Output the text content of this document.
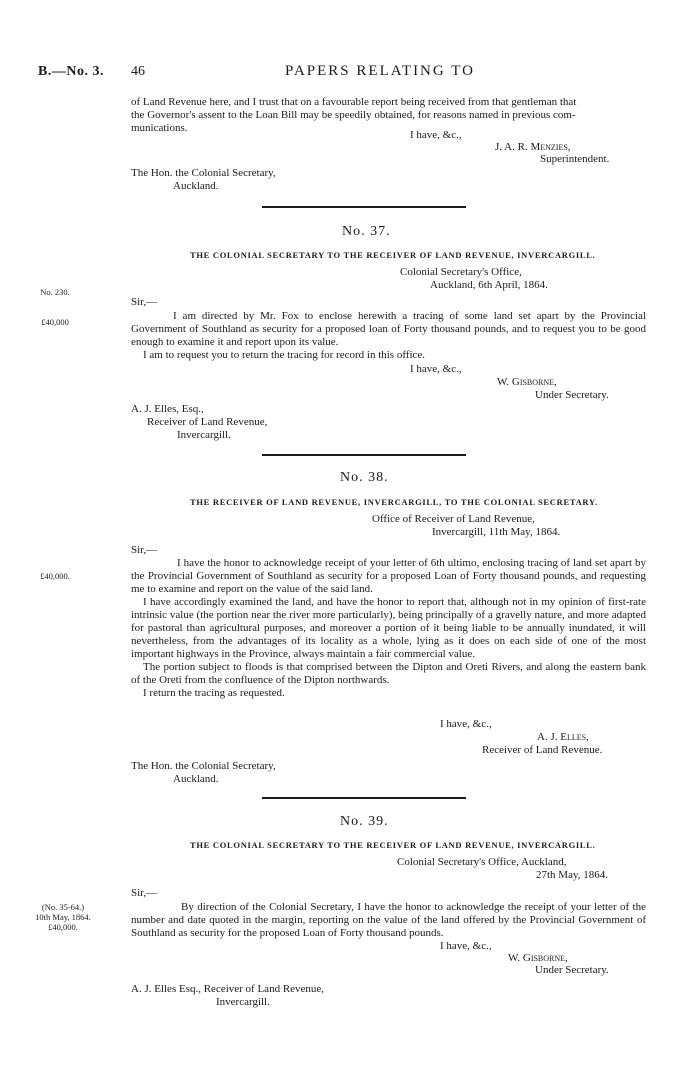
B.—No. 3. 46	PAPERS RELATING TO
of Land Revenue here, and I trust that on a favourable report being received from that gentleman that
the Governor's assent to the Loan Bill may be speedily obtained, for reasons named in previous com-
munications.
I have, &c.,
J. A. R. Menzies,
Superintendent.
The Hon. the Colonial Secretary,
Auckland.
No. 37.
THE COLONIAL SECRETARY TO THE RECEIVER OF LAND REVENUE, INVERCARGILL.
Colonial Secretary's Office,
Auckland, 6th April, 1864.
No. 230.
Sir,—
£40,000	I am directed by Mr. Fox to enclose herewith a tracing of some land set apart by the Provincial Government of Southland as security for a proposed loan of Forty thousand pounds, and to request you to be good enough to examine it and report upon its value.

I am to request you to return the tracing for record in this office.

I have, &c.,
W. Gisborne,
Under Secretary.
A. J. Elles, Esq.,
Receiver of Land Revenue,
Invercargill.
No. 38.
THE RECEIVER OF LAND REVENUE, INVERCARGILL, TO THE COLONIAL SECRETARY.
Office of Receiver of Land Revenue,
Invercargill, 11th May, 1864.
Sir,—
£40,000.

I have the honor to acknowledge receipt of your letter of 6th ultimo, enclosing tracing of land set apart by the Provincial Government of Southland as security for a proposed Loan of Forty thousand pounds, and requesting me to examine and report on the value of the said land.

I have accordingly examined the land, and have the honor to report that, although not in my opinion of first-rate intrinsic value (the portion near the river more particularly), being principally of a gravelly nature, and more adapted for pastoral than agricultural purposes, and moreover a portion of it being liable to be annually inundated, it will nevertheless, from the advantages of its locality as a whole, lying as it does on each side of one of the most important highways in the Province, always maintain a fair commercial value.

The portion subject to floods is that comprised between the Dipton and Oreti Rivers, and along the eastern bank of the Oreti from the confluence of the Dipton northwards.

I return the tracing as requested.

I have, &c.,
A. J. Elles,
Receiver of Land Revenue.
The Hon. the Colonial Secretary,
Auckland.
No. 39.
THE COLONIAL SECRETARY TO THE RECEIVER OF LAND REVENUE, INVERCARGILL.
Colonial Secretary's Office, Auckland,
27th May, 1864.
Sir,—
(No. 35-64.)
10th May, 1864.
£40,000.

By direction of the Colonial Secretary, I have the honor to acknowledge the receipt of your letter of the number and date quoted in the margin, reporting on the value of the land offered by the Provincial Government of Southland as security for the proposed Loan of Forty thousand pounds.

I have, &c.,
W. Gisborne,
Under Secretary.
A. J. Elles Esq., Receiver of Land Revenue,
Invercargill.
